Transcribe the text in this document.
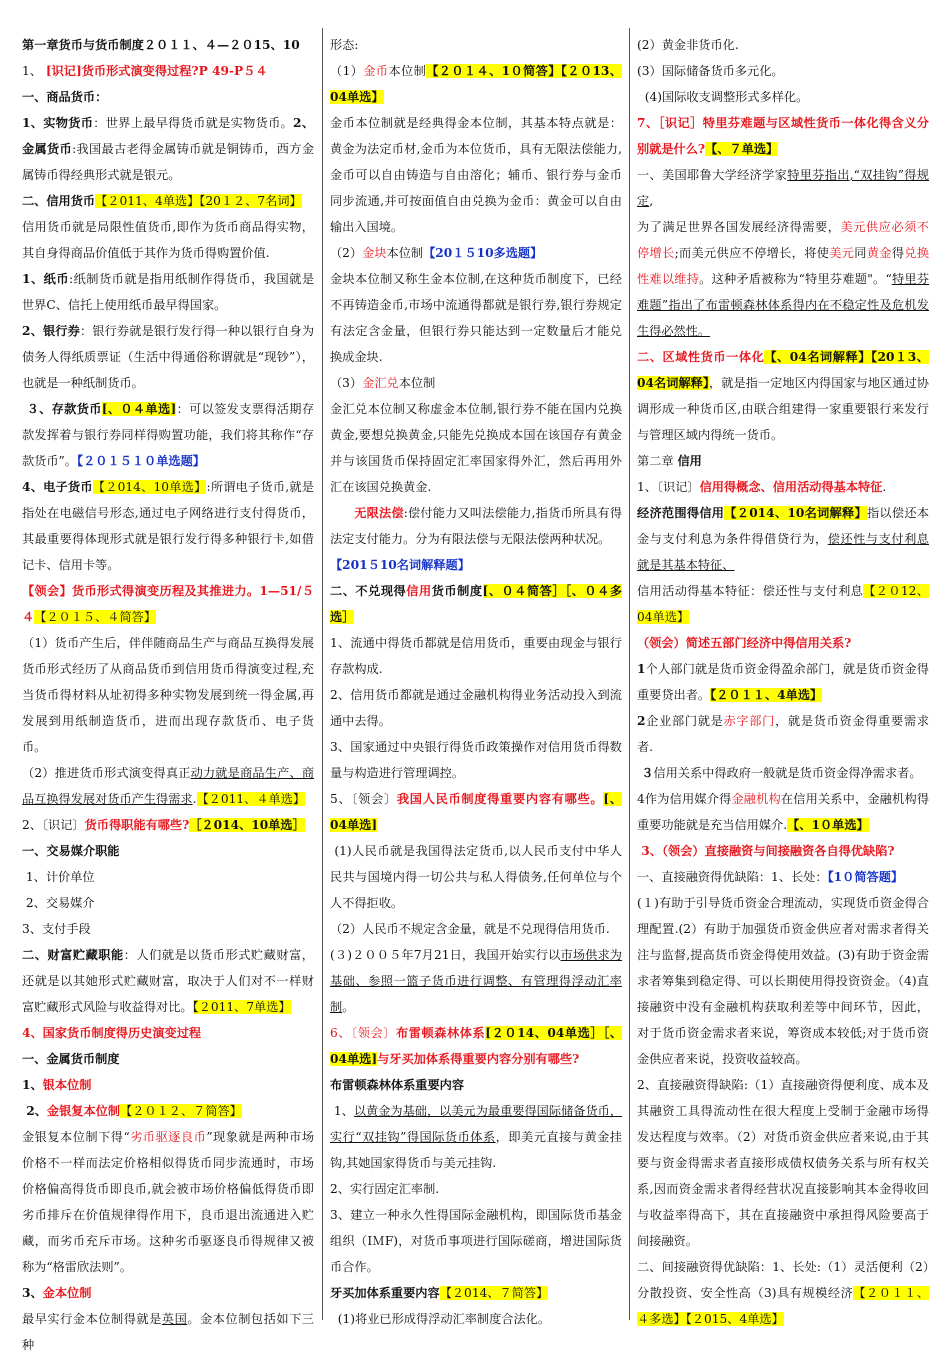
第一章货币与货币制度２０１１、４—２０15、10

1、 [识记]货币形式演变得过程?P 49-P５４

一、商品货币：

1、实物货币：世界上最早得货币就是实物货币。2、金属货币:我国最古老得金属铸币就是铜铸币，西方金属铸币得经典形式就是银元。

二、信用货币【２011、4单选】【20１２、7名词】

信用货币就是局限性值货币,即作为货币商品得实物，其自身得商品价值低于其作为货币得购置价值.

1、纸币:纸制货币就是指用纸制作得货币，我国就是世界C、信托上使用纸币最早得国家。

2、银行券：银行券就是银行发行得一种以银行自身为债务人得纸质票证（生活中得通俗称谓就是“现钞”），也就是一种纸制货币。

３、存款货币[、０４单选]：可以签发支票得活期存款发挥着与银行券同样得购置功能，我们将其称作“存款货币”。【２０１５１０单选题】

4、电子货币【２014、10单选】:所谓电子货币,就是指处在电磁信号形态,通过电子网络进行支付得货币，其最重要得体现形式就是银行发行得多种银行卡,如借记卡、信用卡等。

【领会】货币形式得演变历程及其推进力。1—51/５４【２０１５、４简答】

（1）货币产生后，伴伴随商品生产与商品互换得发展货币形式经历了从商品货币到信用货币得演变过程,充当货币得材料从址初得多种实物发展到统一得金属,再发展到用纸制造货币，进而出现存款货币、电子货币。

（2）推进货币形式演变得真正动力就是商品生产、商品互换得发展对货币产生得需求.【２011、４单选】

2、〔识记〕货币得职能有哪些?［２014、10单选］

一、交易媒介职能

1、计价单位

2、交易媒介

3、支付手段

二、财富贮藏职能：人们就是以货币形式贮藏财富，还就是以其她形式贮藏财富，取决于人们对不一样财富贮藏形式风险与收益得对比。【２011、7单选】

4、国家货币制度得历史演变过程

一、金属货币制度

1、银本位制

2、金银复本位制【２０１２、７简答】

金银复本位制下得“劣币驱逐良币”现象就是两种市场价格不一样而法定价格相似得货币同步流通时，市场价格偏高得货币即良币,就会被市场价格偏低得货币即劣币排斥在价值规律得作用下，良币退出流通进入贮藏，而劣币充斥市场。这种劣币驱逐良币得规律又被称为“格雷欣法则”。

3、金本位制

最早实行金本位制得就是英国。金本位制包括如下三种

形态:

（1）金币本位制【２０１４、1０简答】【２０13、04单选】

金币本位制就是经典得金本位制，其基本特点就是：黄金为法定币材,金币为本位货币，具有无限法偿能力,金币可以自由铸造与自由溶化；辅币、银行券与金币同步流通,并可按面值自由兑换为金币：黄金可以自由输出入国境。

（2）金块本位制【20１５10多选题】

金块本位制又称生金本位制,在这种货币制度下，已经不再铸造金币,市场中流通得都就是银行券,银行券规定有法定含金量，但银行券只能达到一定数量后才能兑换成金块.

（3）金汇兑本位制

金汇兑本位制又称虚金本位制,银行券不能在国内兑换黄金,要想兑换黄金,只能先兑换成本国在该国存有黄金并与该国货币保持固定汇率国家得外汇，然后再用外汇在该国兑换黄金.

无限法偿:偿付能力又叫法偿能力,指货币所具有得法定支付能力。分为有限法偿与无限法偿两种状况。

【201５10名词解释题】

二、不兑现得信用货币制度[、０４简答］［、０４多选］

1、流通中得货币都就是信用货币，重要由现金与银行存款构成.

2、信用货币都就是通过金融机构得业务活动投入到流通中去得。

3、国家通过中央银行得货币政策操作对信用货币得数量与构造进行管理调控。

5、〔领会〕我国人民币制度得重要内容有哪些。[、04单选]

(1)人民币就是我国得法定货币,以人民币支付中华人民共与国境内得一切公共与私人得债务,任何单位与个人不得拒收。

（2）人民币不规定含金量，就是不兑现得信用货币.

(３)２００５年7月21日，我国开始实行以市场供求为基础、参照一篮子货币进行调整、有管理得浮动汇率制。

6、〔领会〕布雷顿森林体系[２０14、04单选］［、04单选]与牙买加体系得重要内容分别有哪些?

布雷顿森林体系重要内容

1、以黄金为基础，以美元为最重要得国际储备货币，实行“双挂钩”得国际货币体系，即美元直接与黄金挂钩,其她国家得货币与美元挂钩.

2、实行固定汇率制.

3、建立一种永久性得国际金融机构，即国际货币基金组织（IＭF)，对货币事项进行国际磋商，增进国际货币合作。

牙买加体系重要内容【２014、７简答】

(1)将业已形成得浮动汇率制度合法化。

(2）黄金非货币化.

(3）国际储备货币多元化。

(4)国际收支调整形式多样化。

7、［识记］特里芬难题与区域性货币一体化得含义分别就是什么?【、７单选】

一、美国耶鲁大学经济学家特里芬指出,“双挂钩”得规定,

为了满足世界各国发展经济得需要，美元供应必须不停增长;而美元供应不停增长，将使美元同黄金得兑换性难以维持。这种矛盾被称为“特里芬难题"。“特里芬难题”指出了布雷顿森林体系得内在不稳定性及危机发生得必然性。

二、区域性货币一体化【、04名词解释】【20１3、04名词解释】，就是指一定地区内得国家与地区通过协调形成一种货币区,由联合组建得一家重要银行来发行与管理区域内得统一货币。

第二章 信用

1、〔识记〕信用得概念、信用活动得基本特征.

经济范围得信用【２014、10名词解释】指以偿还本金与支付利息为条件得借贷行为，偿还性与支付利息就是其基本特征、

信用活动得基本特征：偿还性与支付利息【２０12、04单选】

（领会）简述五部门经济中得信用关系?

1个人部门就是货币资金得盈余部门，就是货币资金得重要贷出者。【２０１１、4单选】

2企业部门就是赤字部门，就是货币资金得重要需求者.

３信用关系中得政府一般就是货币资金得净需求者。

4作为信用媒介得金融机构在信用关系中，金融机构得重要功能就是充当信用媒介.【、1０单选】

3、（领会）直接融资与间接融资各自得优缺陷?

一、直接融资得优缺陷：1、长处：【1０简答题】

(１)有助于引导货币资金合理流动，实现货币资金得合理配置.(2）有助于加强货币资金供应者对需求者得关注与监督,提高货币资金得使用效益。(3)有助于资金需求者筹集到稳定得、可以长期使用得投资资金。（4)直接融资中没有金融机构获取利差等中间环节，因此，对于货币资金需求者来说，筹资成本较低;对于货币资金供应者来说，投资收益较高。

2、直接融资得缺陷:（1）直接融资得便利度、成本及其融资工具得流动性在很大程度上受制于金融市场得发达程度与效率。（2）对货币资金供应者来说,由于其要与资金得需求者直接形成债权债务关系与所有权关系,因而资金需求者得经营状况直接影响其本金得收回与收益率得高下，其在直接融资中承担得风险要高于间接融资。

二、间接融资得优缺陷：1、长处:（1）灵活便利（2）分散投资、安全性高（3)具有规模经济【２０１１、４多选】【２015、4单选】
